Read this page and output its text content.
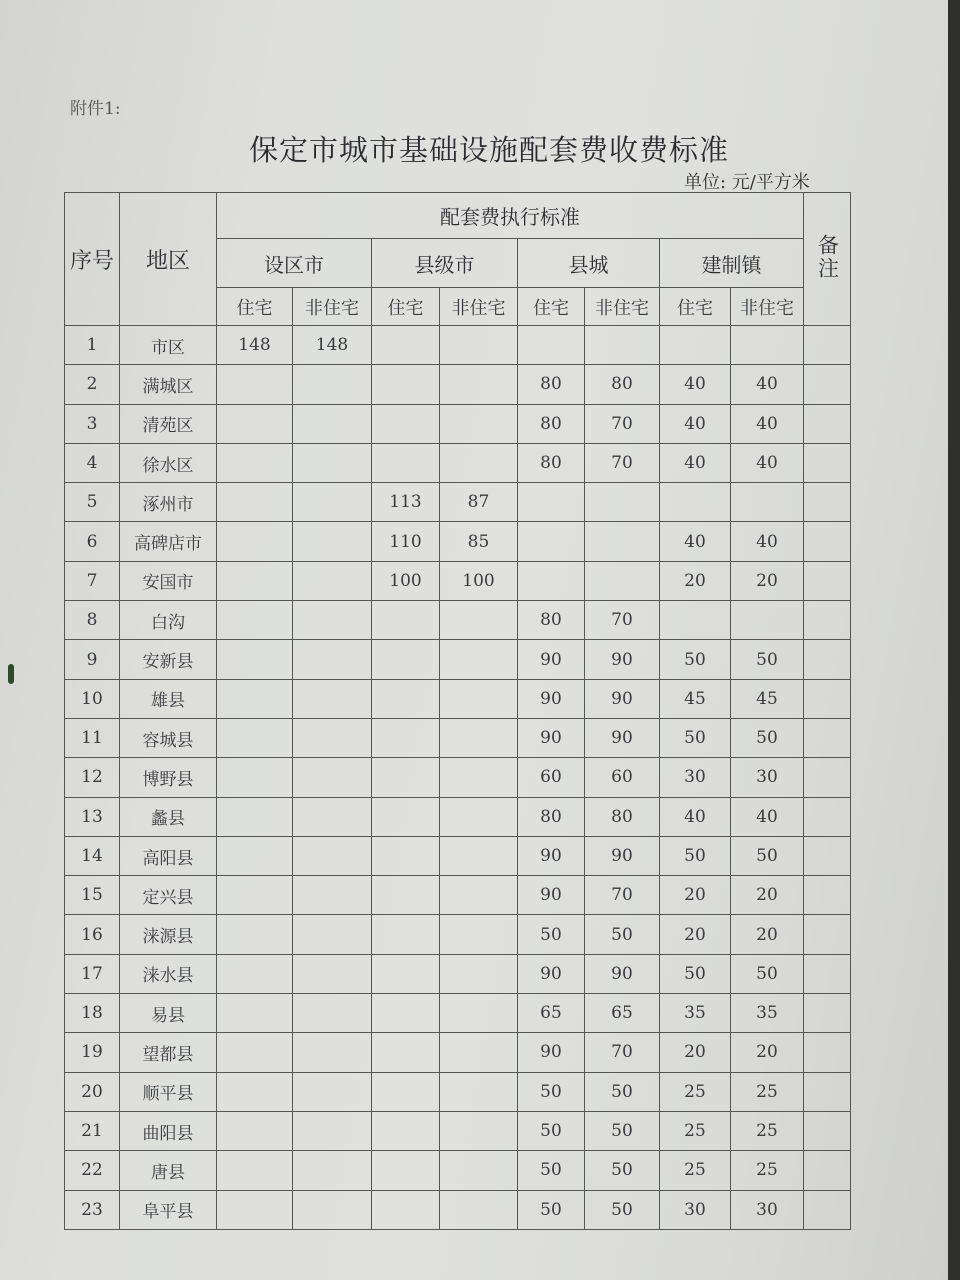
附件1:
保定市城市基础设施配套费收费标准
单位: 元/平方米
序号	地区	配套费执行标准								备注
		设区市		县级市		县城		建制镇		
		住宅	非住宅	住宅	非住宅	住宅	非住宅	住宅	非住宅	
1	市区	148	148							
2	满城区					80	80	40	40	
3	清苑区					80	70	40	40	
4	徐水区					80	70	40	40	
5	涿州市			113	87					
6	高碑店市			110	85			40	40	
7	安国市			100	100			20	20	
8	白沟					80	70			
9	安新县					90	90	50	50	
10	雄县					90	90	45	45	
11	容城县					90	90	50	50	
12	博野县					60	60	30	30	
13	蠡县					80	80	40	40	
14	高阳县					90	90	50	50	
15	定兴县					90	70	20	20	
16	涞源县					50	50	20	20	
17	涞水县					90	90	50	50	
18	易县					65	65	35	35	
19	望都县					90	70	20	20	
20	顺平县					50	50	25	25	
21	曲阳县					50	50	25	25	
22	唐县					50	50	25	25	
23	阜平县					50	50	30	30	
